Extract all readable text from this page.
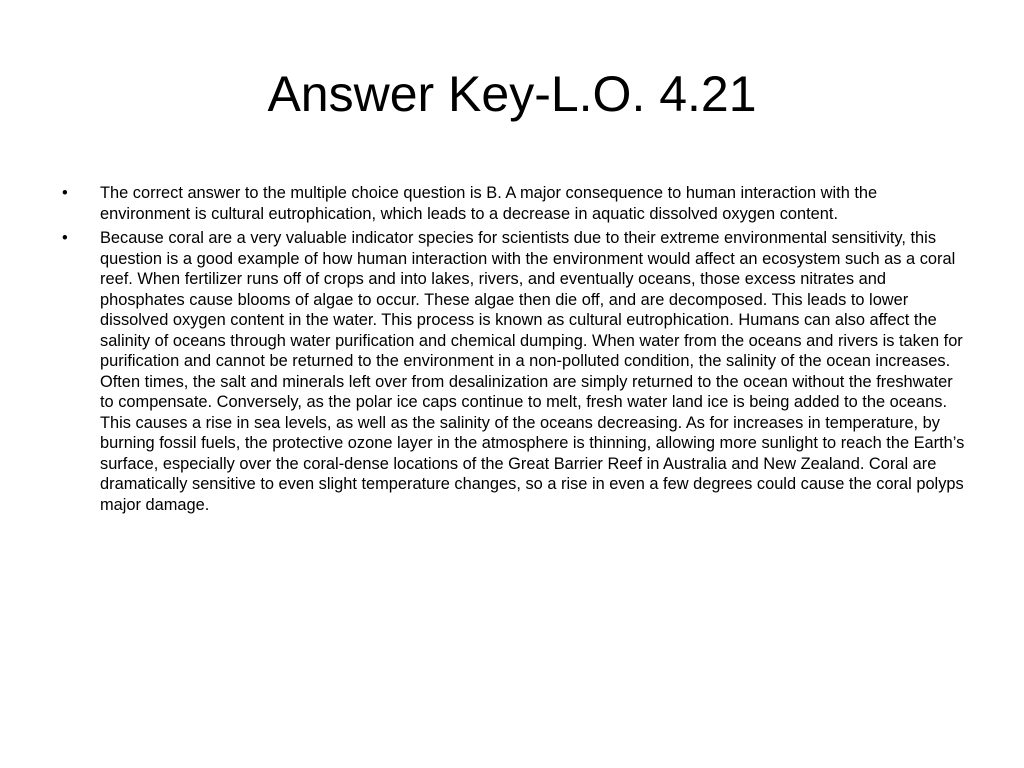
Answer Key-L.O. 4.21
•	The correct answer to the multiple choice question is B. A major consequence to human interaction with the environment is cultural eutrophication, which leads to a decrease in aquatic dissolved oxygen content.
•	Because coral are a very valuable indicator species for scientists due to their extreme environmental sensitivity, this question is a good example of how human interaction with the environment would affect an ecosystem such as a coral reef. When fertilizer runs off of crops and into lakes, rivers, and eventually oceans, those excess nitrates and phosphates cause blooms of algae to occur. These algae then die off, and are decomposed. This leads to lower dissolved oxygen content in the water. This process is known as cultural eutrophication. Humans can also affect the salinity of oceans through water purification and chemical dumping. When water from the oceans and rivers is taken for purification and cannot be returned to the environment in a non-polluted condition, the salinity of the ocean increases. Often times, the salt and minerals left over from desalinization are simply returned to the ocean without the freshwater to compensate. Conversely, as the polar ice caps continue to melt, fresh water land ice is being added to the oceans. This causes a rise in sea levels, as well as the salinity of the oceans decreasing. As for increases in temperature, by burning fossil fuels, the protective ozone layer in the atmosphere is thinning, allowing more sunlight to reach the Earth’s surface, especially over the coral-dense locations of the Great Barrier Reef in Australia and New Zealand. Coral are dramatically sensitive to even slight temperature changes, so a rise in even a few degrees could cause the coral polyps major damage.
